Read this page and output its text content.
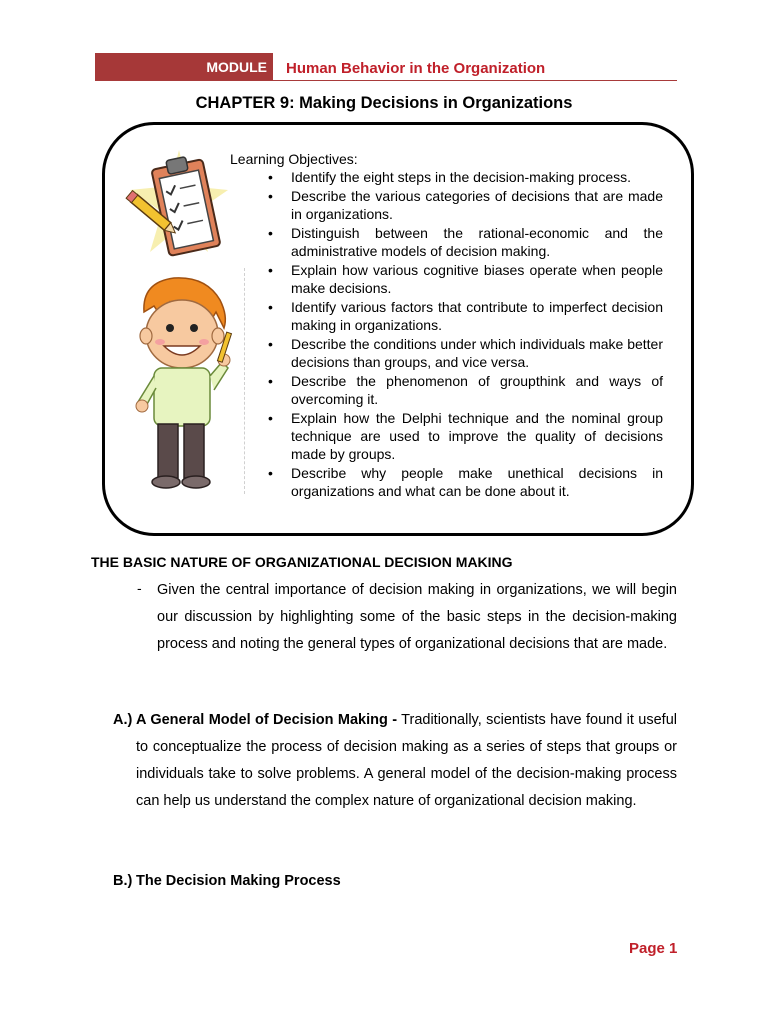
MODULE Human Behavior in the Organization
CHAPTER 9: Making Decisions in Organizations
Learning Objectives:
• Identify the eight steps in the decision-making process.
• Describe the various categories of decisions that are made in organizations.
• Distinguish between the rational-economic and the administrative models of decision making.
• Explain how various cognitive biases operate when people make decisions.
• Identify various factors that contribute to imperfect decision making in organizations.
• Describe the conditions under which individuals make better decisions than groups, and vice versa.
• Describe the phenomenon of groupthink and ways of overcoming it.
• Explain how the Delphi technique and the nominal group technique are used to improve the quality of decisions made by groups.
• Describe why people make unethical decisions in organizations and what can be done about it.
THE BASIC NATURE OF ORGANIZATIONAL DECISION MAKING
- Given the central importance of decision making in organizations, we will begin our discussion by highlighting some of the basic steps in the decision-making process and noting the general types of organizational decisions that are made.

A.) A General Model of Decision Making - Traditionally, scientists have found it useful to conceptualize the process of decision making as a series of steps that groups or individuals take to solve problems. A general model of the decision-making process can help us understand the complex nature of organizational decision making.

B.) The Decision Making Process
Page 1
